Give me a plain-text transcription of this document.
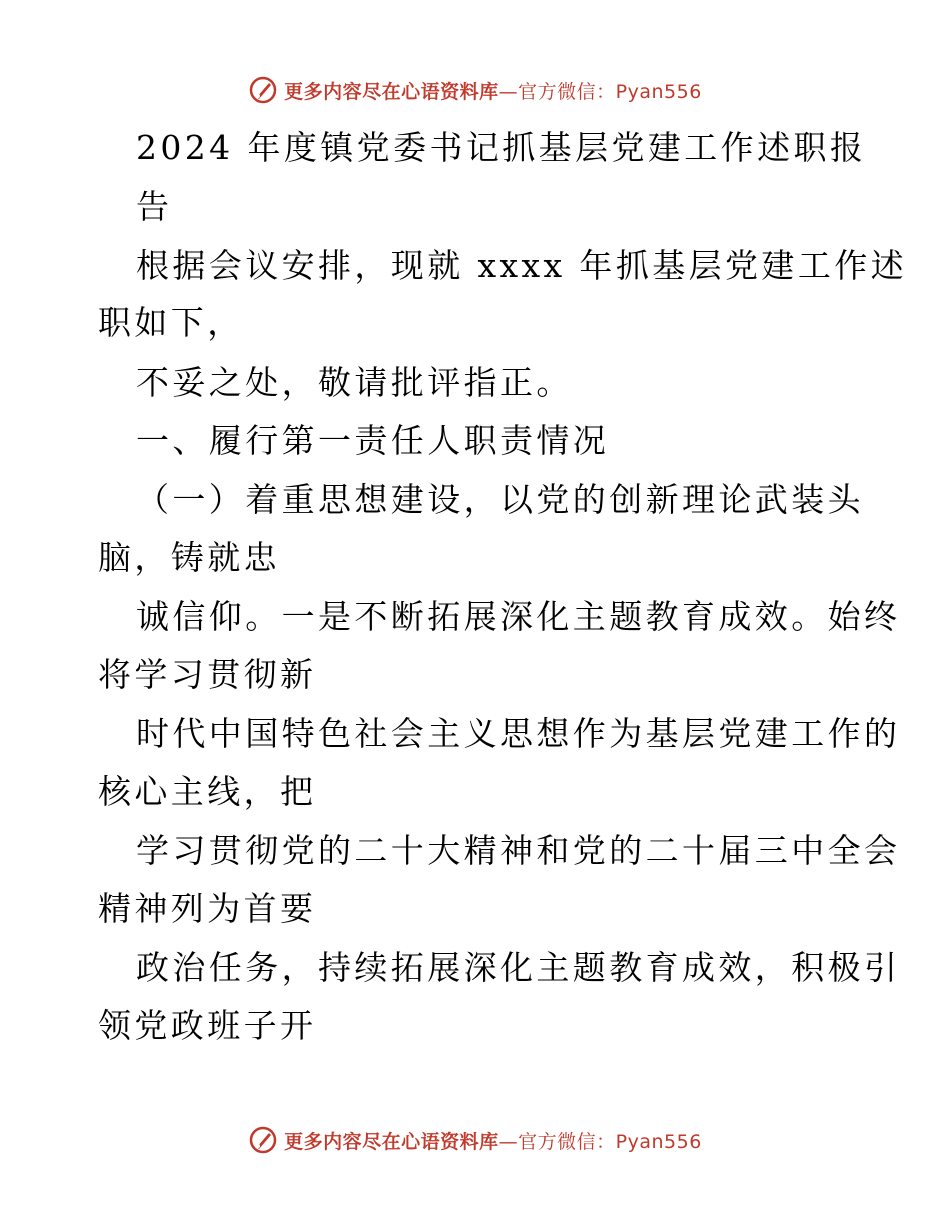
更多内容尽在心语资料库—官方微信：Pyan556
2024 年度镇党委书记抓基层党建工作述职报
告
根据会议安排，现就 xxxx 年抓基层党建工作述
职如下，
不妥之处，敬请批评指正。
一、履行第一责任人职责情况
（一）着重思想建设，以党的创新理论武装头
脑，铸就忠
诚信仰。一是不断拓展深化主题教育成效。始终
将学习贯彻新
时代中国特色社会主义思想作为基层党建工作的
核心主线，把
学习贯彻党的二十大精神和党的二十届三中全会
精神列为首要
政治任务，持续拓展深化主题教育成效，积极引
领党政班子开
更多内容尽在心语资料库—官方微信：Pyan556
